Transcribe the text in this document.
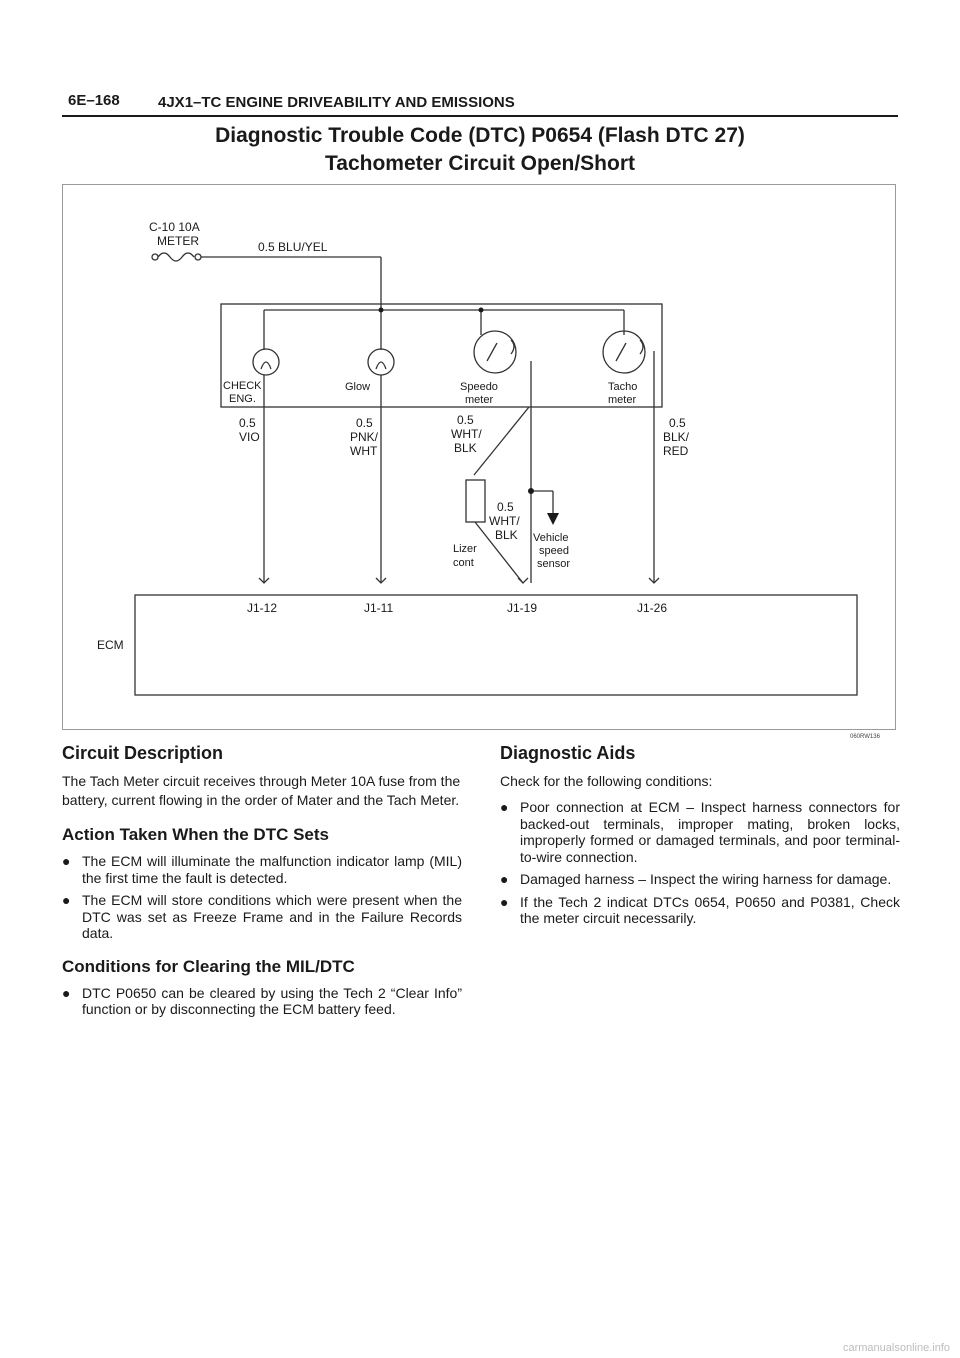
6E–168	4JX1–TC ENGINE DRIVEABILITY AND EMISSIONS
Diagnostic Trouble Code (DTC) P0654 (Flash DTC 27)
Tachometer Circuit Open/Short
C-10 10A
METER	0.5 BLU/YEL
CHECK
ENG.
Glow	Speedo
meter
Tacho
meter
0.5
VIO
0.5
PNK/
WHT
0.5
WHT/
BLK
0.5
BLK/
RED
0.5
WHT/
BLK
Lizer
cont
Vehicle
speed
sensor
J1-12	J1-11	J1-19	J1-26
ECM
060RW136
Circuit Description

The Tach Meter circuit receives through Meter 10A fuse from the battery, current flowing in the order of Mater and the Tach Meter.

Action Taken When the DTC Sets
● The ECM will illuminate the malfunction indicator lamp (MIL) the first time the fault is detected.
● The ECM will store conditions which were present when the DTC was set as Freeze Frame and in the Failure Records data.
Conditions for Clearing the MIL/DTC
● DTC P0650 can be cleared by using the Tech 2 “Clear Info” function or by disconnecting the ECM battery feed.
Diagnostic Aids

Check for the following conditions:

● Poor connection at ECM – Inspect harness connectors for backed-out terminals, improper mating, broken locks, improperly formed or damaged terminals, and poor terminal-to-wire connection.
● Damaged harness – Inspect the wiring harness for damage.
● If the Tech 2 indicat DTCs 0654, P0650 and P0381, Check the meter circuit necessarily.
carmanualsonline.info
